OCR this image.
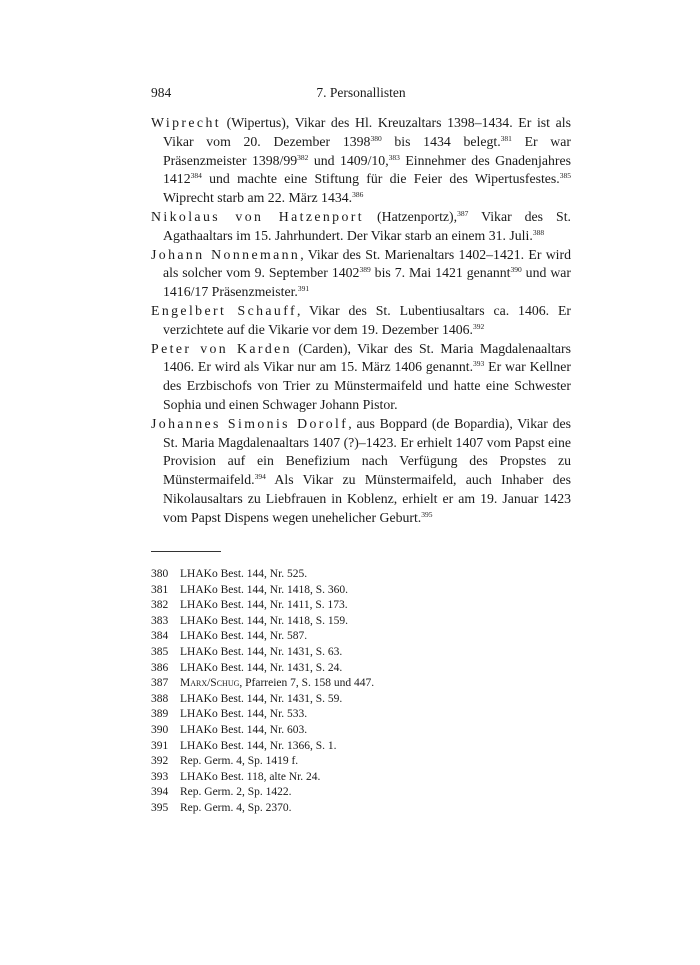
984	7. Personallisten

Wiprecht (Wipertus), Vikar des Hl. Kreuzaltars 1398–1434. Er ist als Vikar vom 20. Dezember 1398$^{380}$ bis 1434 belegt.$^{381}$ Er war Präsenzmeister $1398/99^{382}$ und 1409/10,$^{383}$ Einnehmer des Gnadenjahres 1412$^{384}$ und machte eine Stiftung für die Feier des Wipertusfestes.$^{385}$ Wiprecht starb am 22. März 1434.$^{386}$

Nikolaus von Hatzenport (Hatzenportz),$^{387}$ Vikar des St. Agathaaltars im 15. Jahrhundert. Der Vikar starb an einem 31. Juli.$^{388}$

Johann Nonnemann, Vikar des St. Marienaltars 1402–1421. Er wird als solcher vom 9. September 1402$^{389}$ bis 7. Mai 1421 genannt$^{390}$ und war 1416/17 Präsenzmeister.$^{391}$

Engelbert Schauff, Vikar des St. Lubentiusaltars ca. 1406. Er verzichtete auf die Vikarie vor dem 19. Dezember 1406.$^{392}$

Peter von Karden (Carden), Vikar des St. Maria Magdalenaaltars 1406. Er wird als Vikar nur am 15. März 1406 genannt.$^{393}$ Er war Kellner des Erzbischofs von Trier zu Münstermaifeld und hatte eine Schwester Sophia und einen Schwager Johann Pistor.

Johannes Simonis Dorolf, aus Boppard (de Bopardia), Vikar des St. Maria Magdalenaaltars 1407 (?)–1423. Er erhielt 1407 vom Papst eine Provision auf ein Benefizium nach Verfügung des Propstes zu Münstermaifeld.$^{394}$ Als Vikar zu Münstermaifeld, auch Inhaber des Nikolausaltars zu Liebfrauen in Koblenz, erhielt er am 19. Januar 1423 vom Papst Dispens wegen unehelicher Geburt.$^{395}$

380	LHAKo Best. 144, Nr. 525.
381	LHAKo Best. 144, Nr. 1418, S. 360.
382	LHAKo Best. 144, Nr. 1411, S. 173.
383	LHAKo Best. 144, Nr. 1418, S. 159.
384	LHAKo Best. 144, Nr. 587.
385	LHAKo Best. 144, Nr. 1431, S. 63.
386	LHAKo Best. 144, Nr. 1431, S. 24.
387	Marx/Schug, Pfarreien 7, S. 158 und 447.
388	LHAKo Best. 144, Nr. 1431, S. 59.
389	LHAKo Best. 144, Nr. 533.
390	LHAKo Best. 144, Nr. 603.
391	LHAKo Best. 144, Nr. 1366, S. 1.
392	Rep. Germ. 4, Sp. 1419 f.
393	LHAKo Best. 118, alte Nr. 24.
394	Rep. Germ. 2, Sp. 1422.
395	Rep. Germ. 4, Sp. 2370.
